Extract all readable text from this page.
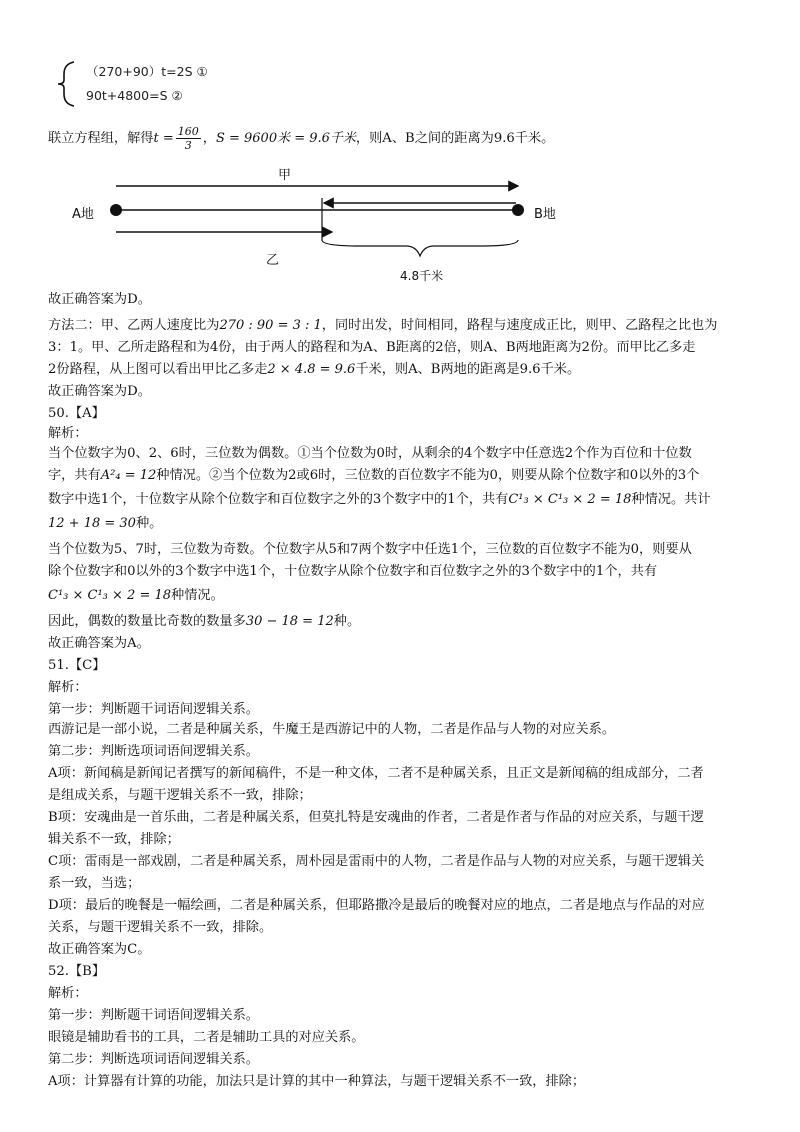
（270+90）t=2S ①
90t+4800=S ②
联立方程组，解得$t = \frac{160}{3}$ ，S = 9600米 = 9.6千米，则A、B之间的距离为9.6千米。
甲
A地	B地
乙
4.8千米
故正确答案为D。
方法二：甲、乙两人速度比为270 : 90 = 3 : 1，同时出发，时间相同，路程与速度成正比，则甲、乙路程之比也为
3：1。甲、乙所走路程和为4份，由于两人的路程和为A、B距离的2倍，则A、B两地距离为2份。而甲比乙多走
2份路程，从上图可以看出甲比乙多走2 × 4.8 = 9.6千米，则A、B两地的距离是9.6千米。
故正确答案为D。
50.【A】
解析：
当个位数字为0、2、6时，三位数为偶数。①当个位数为0时，从剩余的4个数字中任意选2个作为百位和十位数
字，共有A²₄ = 12种情况。②当个位数为2或6时，三位数的百位数字不能为0，则要从除个位数字和0以外的3个
数字中选1个，十位数字从除个位数字和百位数字之外的3个数字中的1个，共有C¹₃ × C¹₃ × 2 = 18种情况。共计
12 + 18 = 30种。
当个位数为5、7时，三位数为奇数。个位数字从5和7两个数字中任选1个，三位数的百位数字不能为0，则要从
除个位数字和0以外的3个数字中选1个，十位数字从除个位数字和百位数字之外的3个数字中的1个，共有
C¹₃ × C¹₃ × 2 = 18种情况。
因此，偶数的数量比奇数的数量多30 − 18 = 12种。
故正确答案为A。
51.【C】
解析：
第一步：判断题干词语间逻辑关系。
西游记是一部小说，二者是种属关系，牛魔王是西游记中的人物，二者是作品与人物的对应关系。
第二步：判断选项词语间逻辑关系。
A项：新闻稿是新闻记者撰写的新闻稿件，不是一种文体，二者不是种属关系，且正文是新闻稿的组成部分，二者
是组成关系，与题干逻辑关系不一致，排除；
B项：安魂曲是一首乐曲，二者是种属关系，但莫扎特是安魂曲的作者，二者是作者与作品的对应关系，与题干逻
辑关系不一致，排除；
C项：雷雨是一部戏剧，二者是种属关系，周朴园是雷雨中的人物，二者是作品与人物的对应关系，与题干逻辑关
系一致，当选；
D项：最后的晚餐是一幅绘画，二者是种属关系，但耶路撒冷是最后的晚餐对应的地点，二者是地点与作品的对应
关系，与题干逻辑关系不一致，排除。
故正确答案为C。
52.【B】
解析：
第一步：判断题干词语间逻辑关系。
眼镜是辅助看书的工具，二者是辅助工具的对应关系。
第二步：判断选项词语间逻辑关系。
A项：计算器有计算的功能，加法只是计算的其中一种算法，与题干逻辑关系不一致，排除；
